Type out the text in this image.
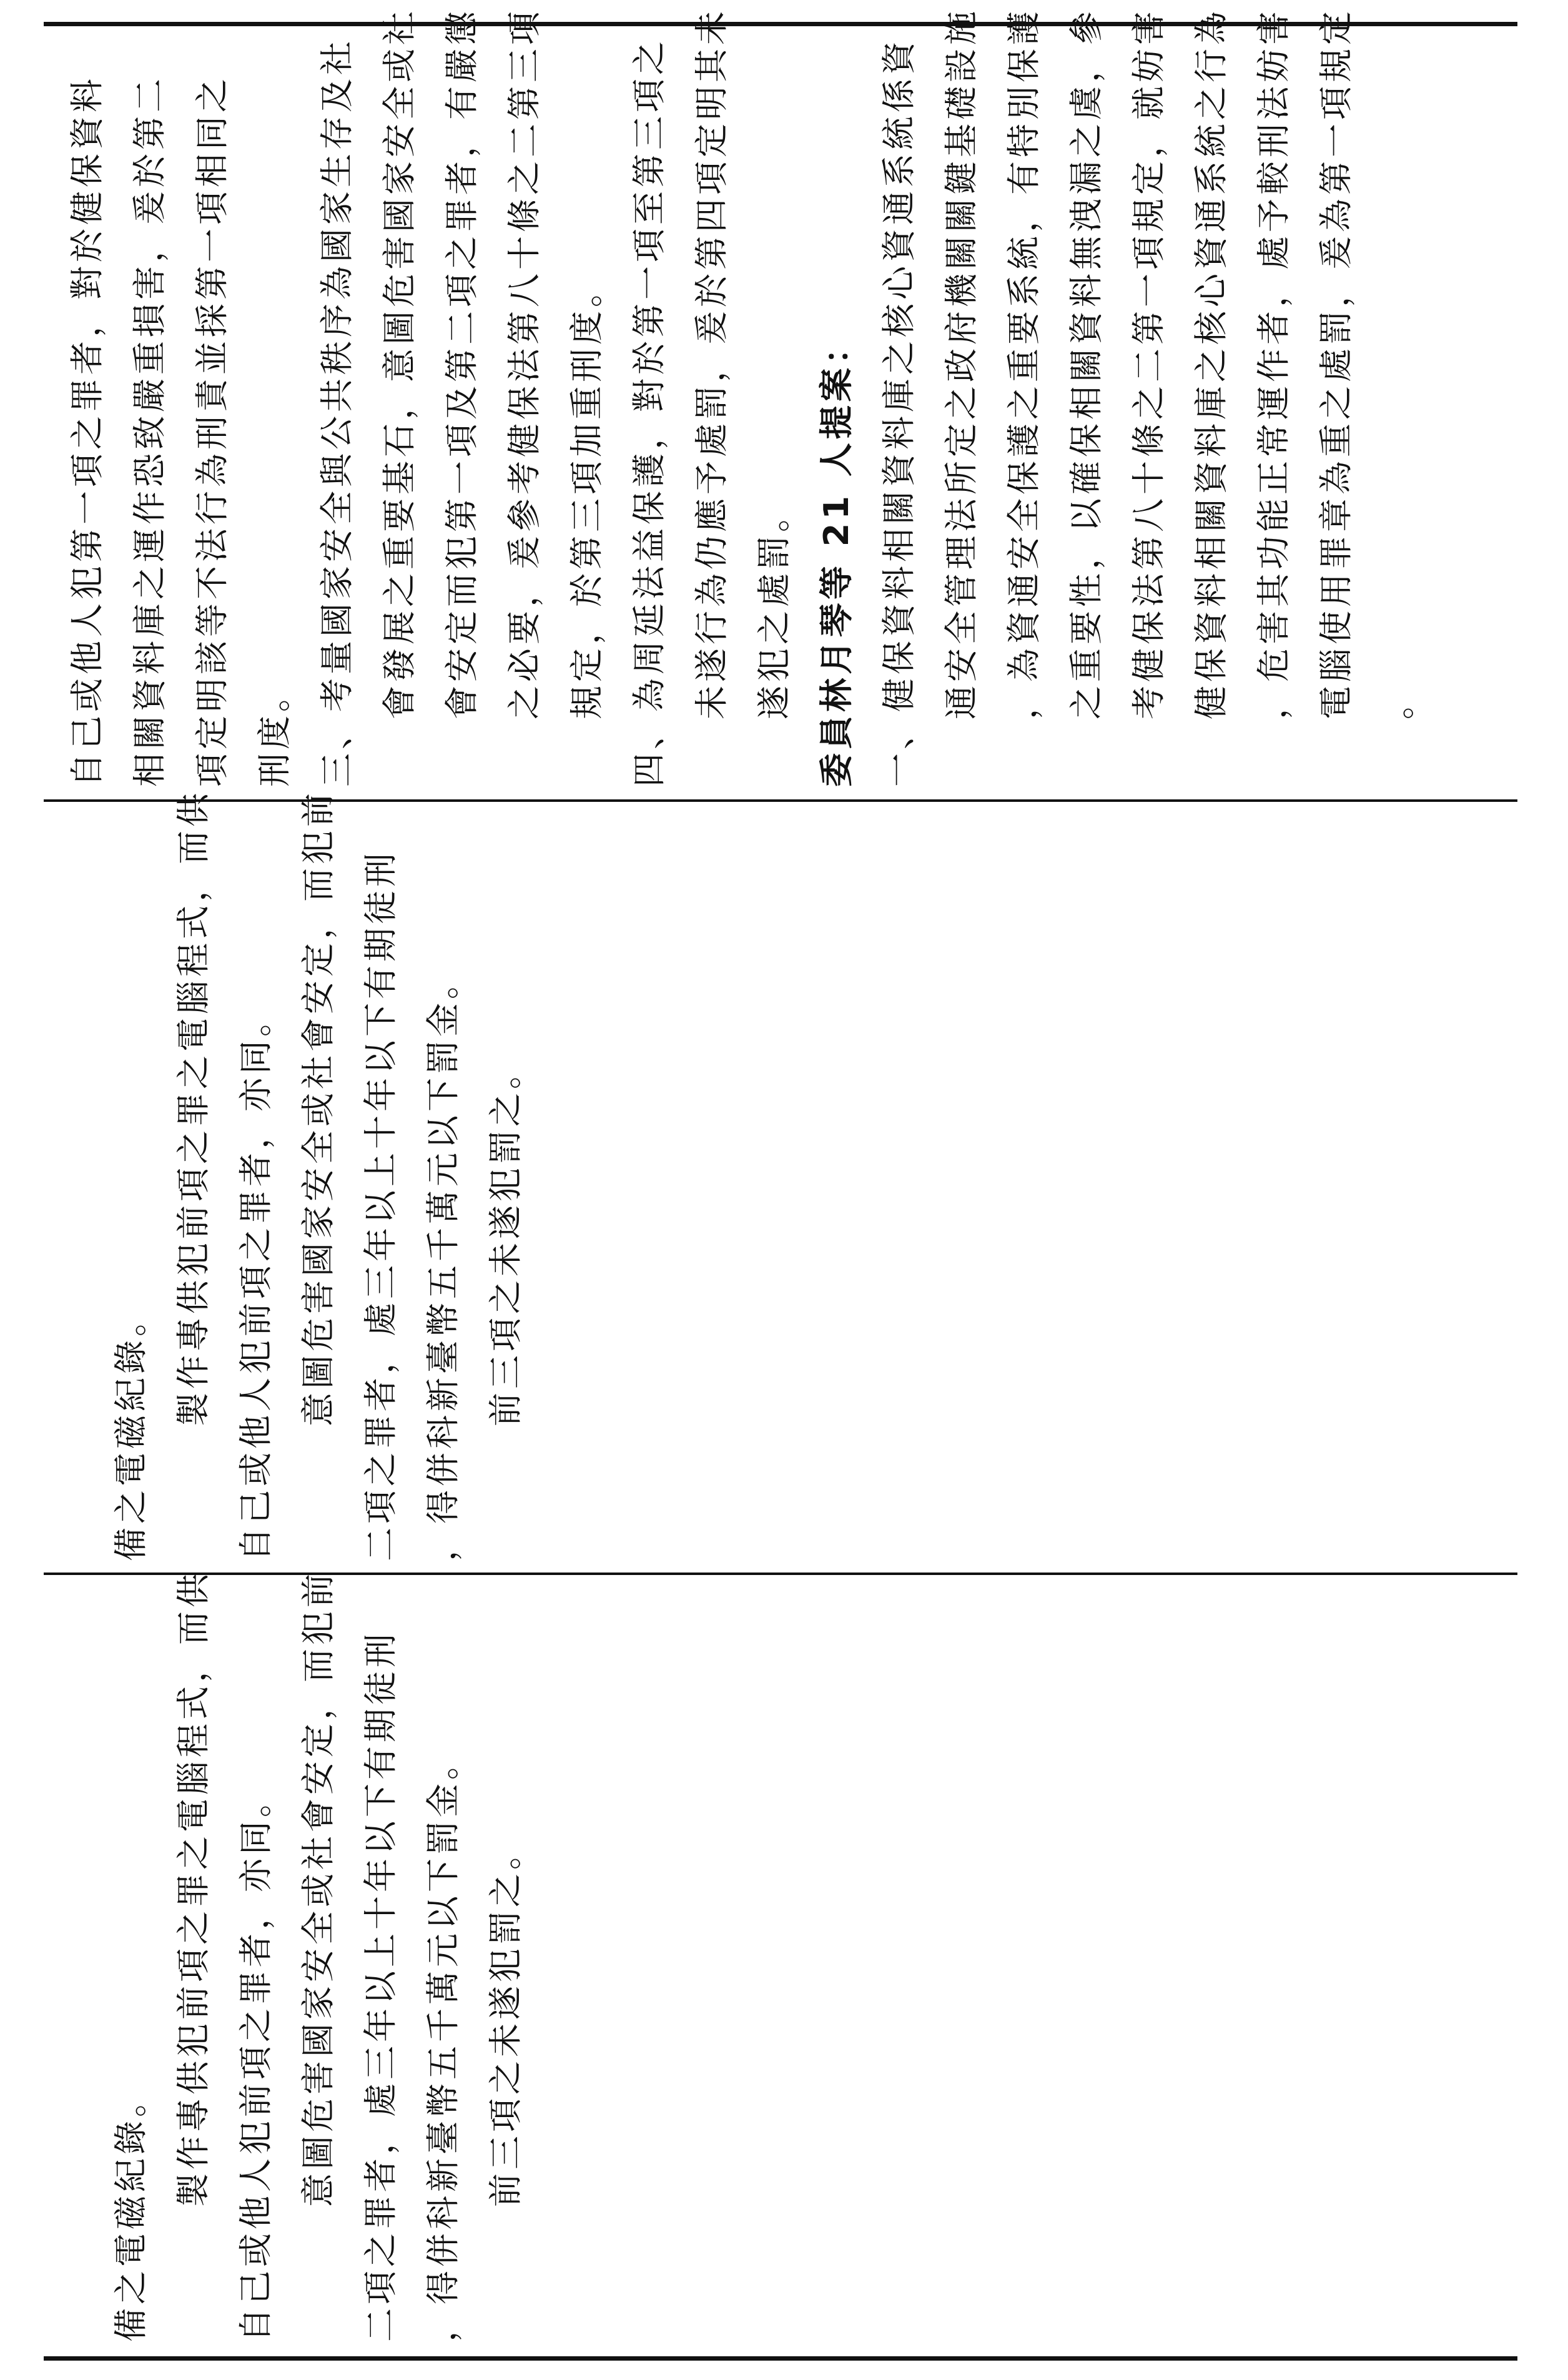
自己或他人犯第一項之罪者，對於健保資料 相關資料庫之運作恐致嚴重損害，爰於第二 項定明該等不法行為刑責並採第一項相同之 刑度。 三、考量國家安全與公共秩序為國家生存及社 會發展之重要基石，意圖危害國家安全或社 會安定而犯第一項及第二項之罪者，有嚴懲 之必要，爰參考健保法第八十條之二第三項 規定，於第三項加重刑度。 四、為周延法益保護，對於第一項至第三項之 未遂行為仍應予處罰，爰於第四項定明其未 遂犯之處罰。 委員林月琴等 21 人提案： 一、健保資料相關資料庫之核心資通系統係資 通安全管理法所定之政府機關關鍵基礎設施 ，為資通安全保護之重要系統，有特別保護 之重要性，以確保相關資料無洩漏之虞，參 考健保法第八十條之二第一項規定，就妨害 健保資料相關資料庫之核心資通系統之行為 ，危害其功能正常運作者，處予較刑法妨害 電腦使用罪章為重之處罰，爰為第一項規定 。
備之電磁紀錄。
製作專供犯前項之罪之電腦程式，而供 自己或他人犯前項之罪者，亦同。 意圖危害國家安全或社會安定，而犯前 二項之罪者，處三年以上十年以下有期徒刑 ，得併科新臺幣五千萬元以下罰金。 前三項之未遂犯罰之。
備之電磁紀錄。
製作專供犯前項之罪之電腦程式，而供 自己或他人犯前項之罪者，亦同。 意圖危害國家安全或社會安定，而犯前 二項之罪者，處三年以上十年以下有期徒刑 ，得併科新臺幣五千萬元以下罰金。 前三項之未遂犯罰之。
